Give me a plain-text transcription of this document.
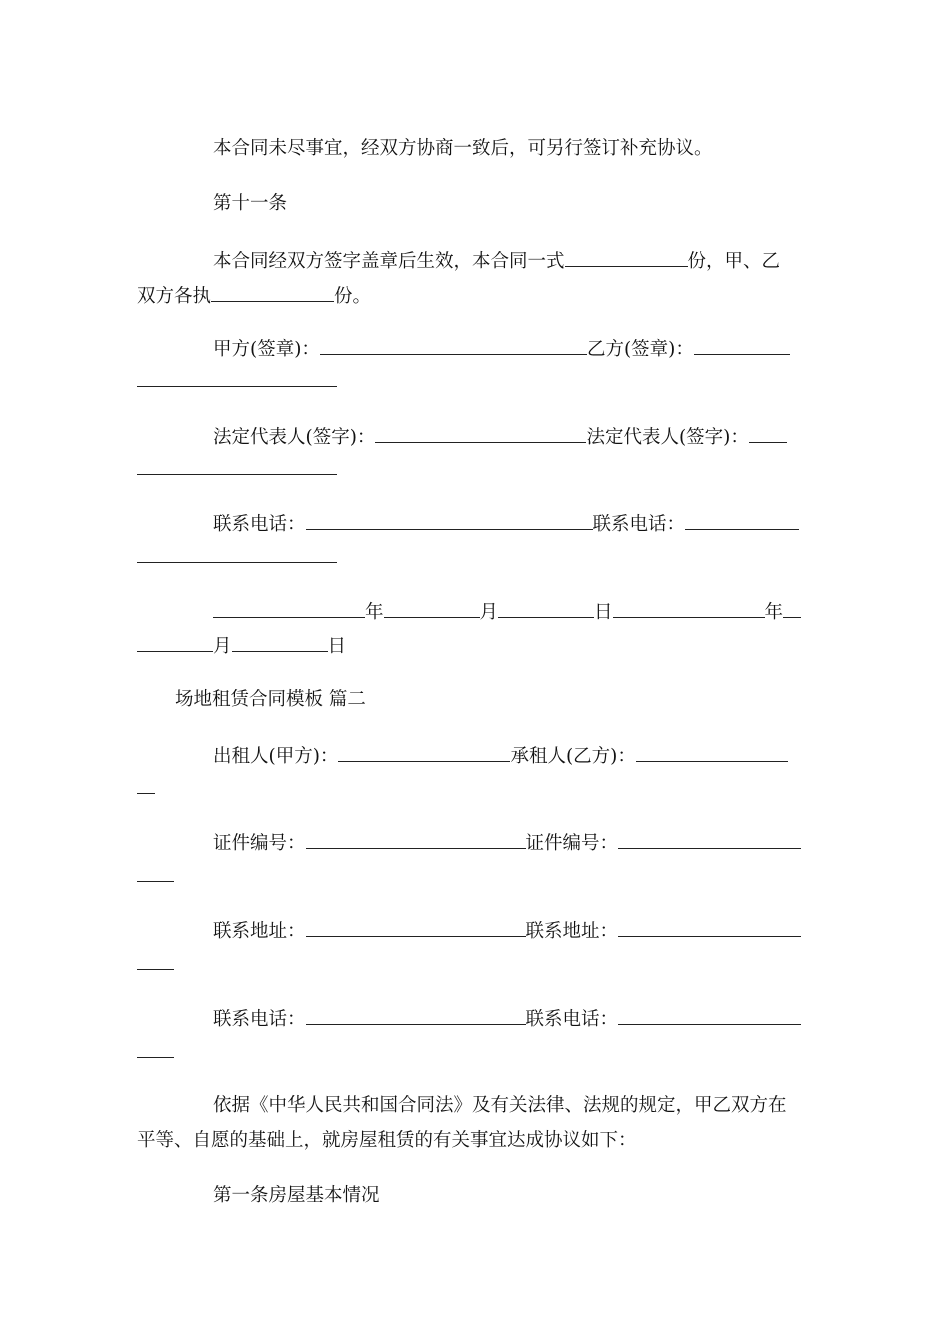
本合同未尽事宜，经双方协商一致后，可另行签订补充协议。
第十一条
本合同经双方签字盖章后生效，本合同一式	份，甲、乙
双方各执	份。
甲方(签章)：	乙方(签章)：
法定代表人(签字)：	法定代表人(签字)：
联系电话：	联系电话：
年	月	日	年
月	日
场地租赁合同模板 篇二
出租人(甲方)：	承租人(乙方)：
证件编号：	证件编号：
联系地址：	联系地址：
联系电话：	联系电话：
依据《中华人民共和国合同法》及有关法律、法规的规定，甲乙双方在
平等、自愿的基础上，就房屋租赁的有关事宜达成协议如下：
第一条房屋基本情况
